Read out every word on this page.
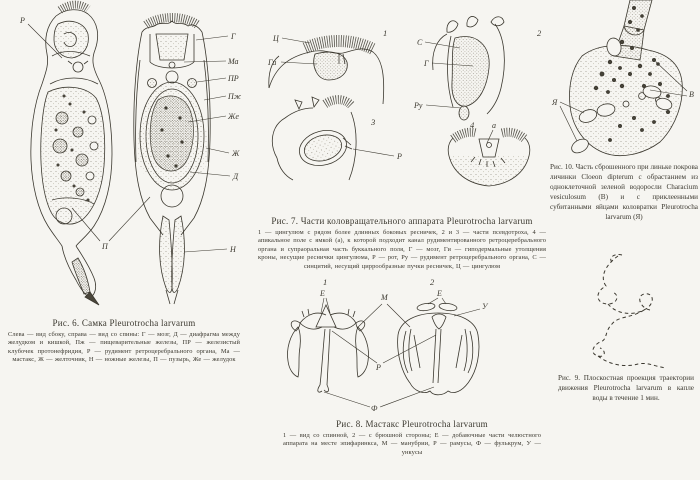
Р
Г
Ма
ПР
Пж
Же
Ж
Д
Н
П

Рис. 6. Самка Pleurotrocha larvarum

Слева — вид сбоку, справа — вид со спины: Г — мозг, Д — диафрагма между желудком и кишкой, Пж — пищеварительные железы, ПР — железистый клубочек протонефридия, Р — рудимент ретроцеребрального органа, Ма — мастакс, Ж — желточник, Н — ножные железы, П — пузырь, Же — желудок

Ц
Ги
1
С
Г
Ру
2
3
Р
4 а

Рис. 7. Части коловращательного аппарата Pleurotrocha larvarum

1 — цингулюм с рядом более длинных боковых ресничек, 2 и 3 — части псевдотроха, 4 — апикальное поле с ямкой (а), к которой подходит канал рудиментированного ретроцеребрального органа и супраоральная часть буккального поля, Г — мозг, Ги — гиподермальные утолщения кроны, несущие реснички цингулюма, Р — рот, Ру — рудимент ретроцеребрального органа, С — синцитий, несущий циррообразные пучки ресничек, Ц — цингулюм

1
Е	М
2
Е
У
Р
Ф

Рис. 8. Мастакс Pleurotrocha larvarum

1 — вид со спинной, 2 — с брюшной стороны; Е — добавочные части челюстного аппарата на месте эпифаринкса, М — манубрии, Р — рамусы, Ф — фулькрум, У — ункусы

Я
В

Рис. 10. Часть сброшенного при линьке покрова личинки Cloeon dipterum с обрастанием из одноклеточной зеленой водоросли Characium vesiculosum (В) и с приклеенными субитанными яйцами коловратки Pleurotrocha larvarum (Я)

Рис. 9. Плоскостная проекция траектории движения Pleurotrocha larvarum в капле воды в течение 1 мин.
